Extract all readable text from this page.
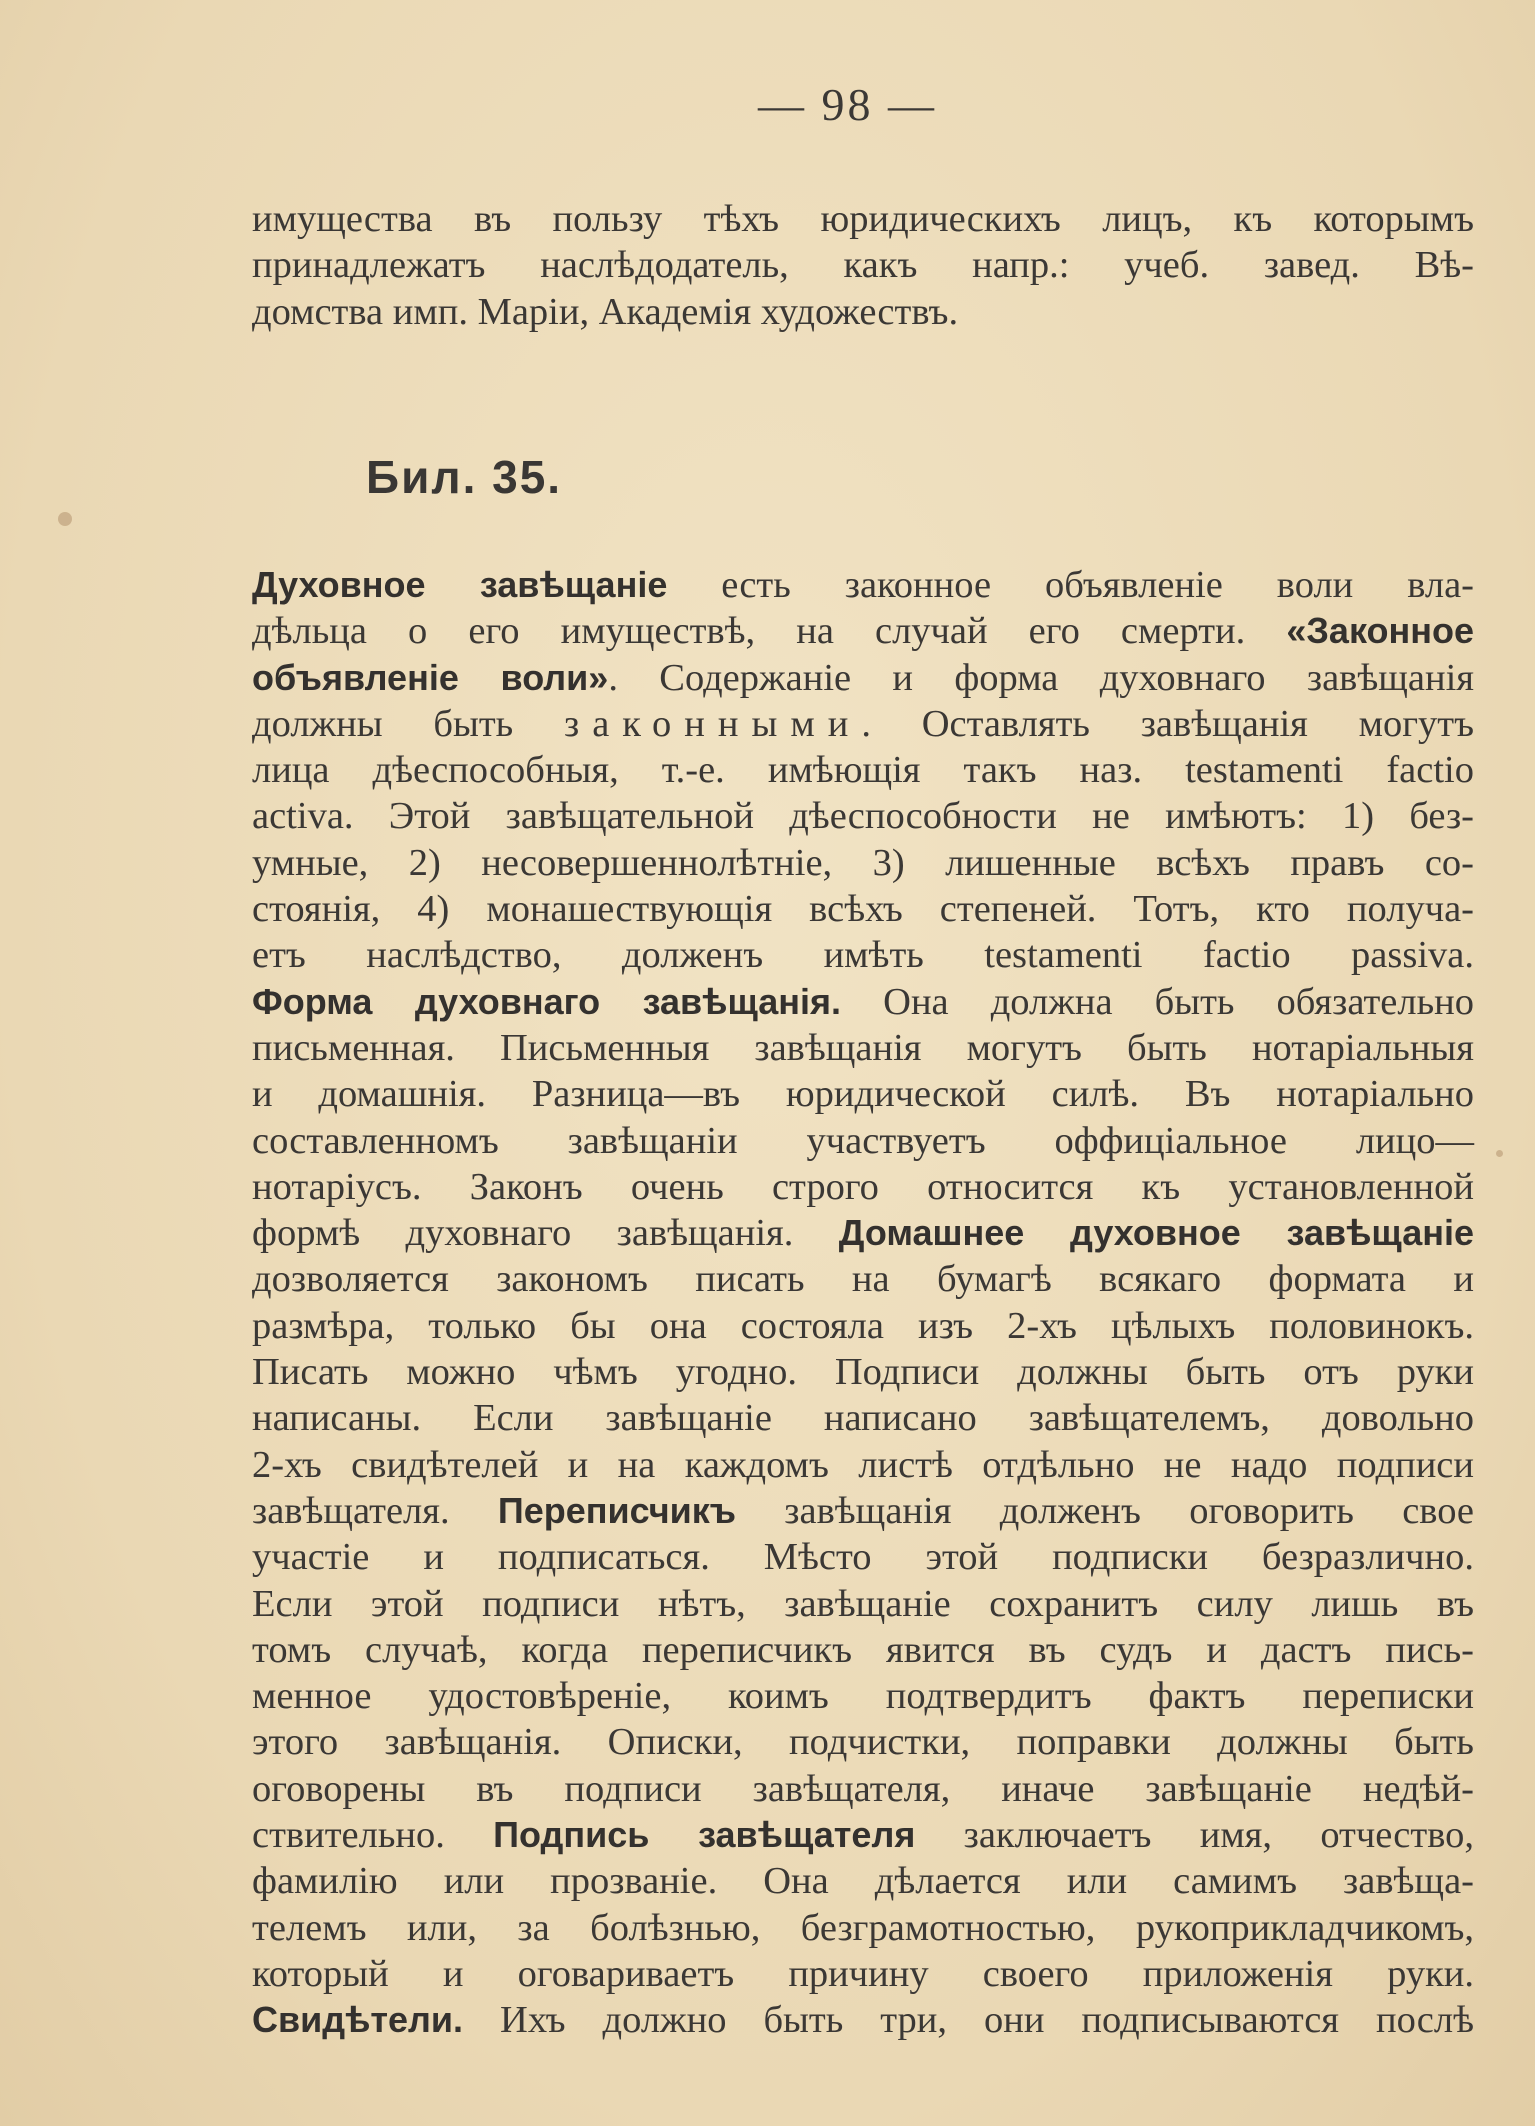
— 98 —

имущества въ пользу тѣхъ юридическихъ лицъ, къ которымъ
принадлежатъ наслѣдодатель, какъ напр.: учеб. завед. Вѣ-
домства имп. Маріи, Академія художествъ.
Бил. 35.
Духовное завѣщаніе есть законное объявленіе воли вла-
дѣльца о его имуществѣ, на случай его смерти. «Законное
объявленіе воли». Содержаніе и форма духовнаго завѣщанія
должны быть законными. Оставлять завѣщанія могутъ
лица дѣеспособныя, т.-е. имѣющія такъ наз. testamenti factio
activa. Этой завѣщательной дѣеспособности не имѣютъ: 1) без-
умные, 2) несовершеннолѣтніе, 3) лишенные всѣхъ правъ со-
стоянія, 4) монашествующія всѣхъ степеней. Тотъ, кто получа-
етъ наслѣдство, долженъ имѣть testamenti factio passiva.
Форма духовнаго завѣщанія. Она должна быть обязательно
письменная. Письменныя завѣщанія могутъ быть нотаріальныя
и домашнія. Разница—въ юридической силѣ. Въ нотаріально
составленномъ завѣщаніи участвуетъ оффиціальное лицо—
нотаріусъ. Законъ очень строго относится къ установленной
формѣ духовнаго завѣщанія. Домашнее духовное завѣщаніе
дозволяется закономъ писать на бумагѣ всякаго формата и
размѣра, только бы она состояла изъ 2-хъ цѣлыхъ половинокъ.
Писать можно чѣмъ угодно. Подписи должны быть отъ руки
написаны. Если завѣщаніе написано завѣщателемъ, довольно
2-хъ свидѣтелей и на каждомъ листѣ отдѣльно не надо подписи
завѣщателя. Переписчикъ завѣщанія долженъ оговорить свое
участіе и подписаться. Мѣсто этой подписки безразлично.
Если этой подписи нѣтъ, завѣщаніе сохранитъ силу лишь въ
томъ случаѣ, когда переписчикъ явится въ судъ и дастъ пись-
менное удостовѣреніе, коимъ подтвердитъ фактъ переписки
этого завѣщанія. Описки, подчистки, поправки должны быть
оговорены въ подписи завѣщателя, иначе завѣщаніе недѣй-
ствительно. Подпись завѣщателя заключаетъ имя, отчество,
фамилію или прозваніе. Она дѣлается или самимъ завѣща-
телемъ или, за болѣзнью, безграмотностью, рукоприкладчикомъ,
который и оговариваетъ причину своего приложенія руки.
Свидѣтели. Ихъ должно быть три, они подписываются послѣ
